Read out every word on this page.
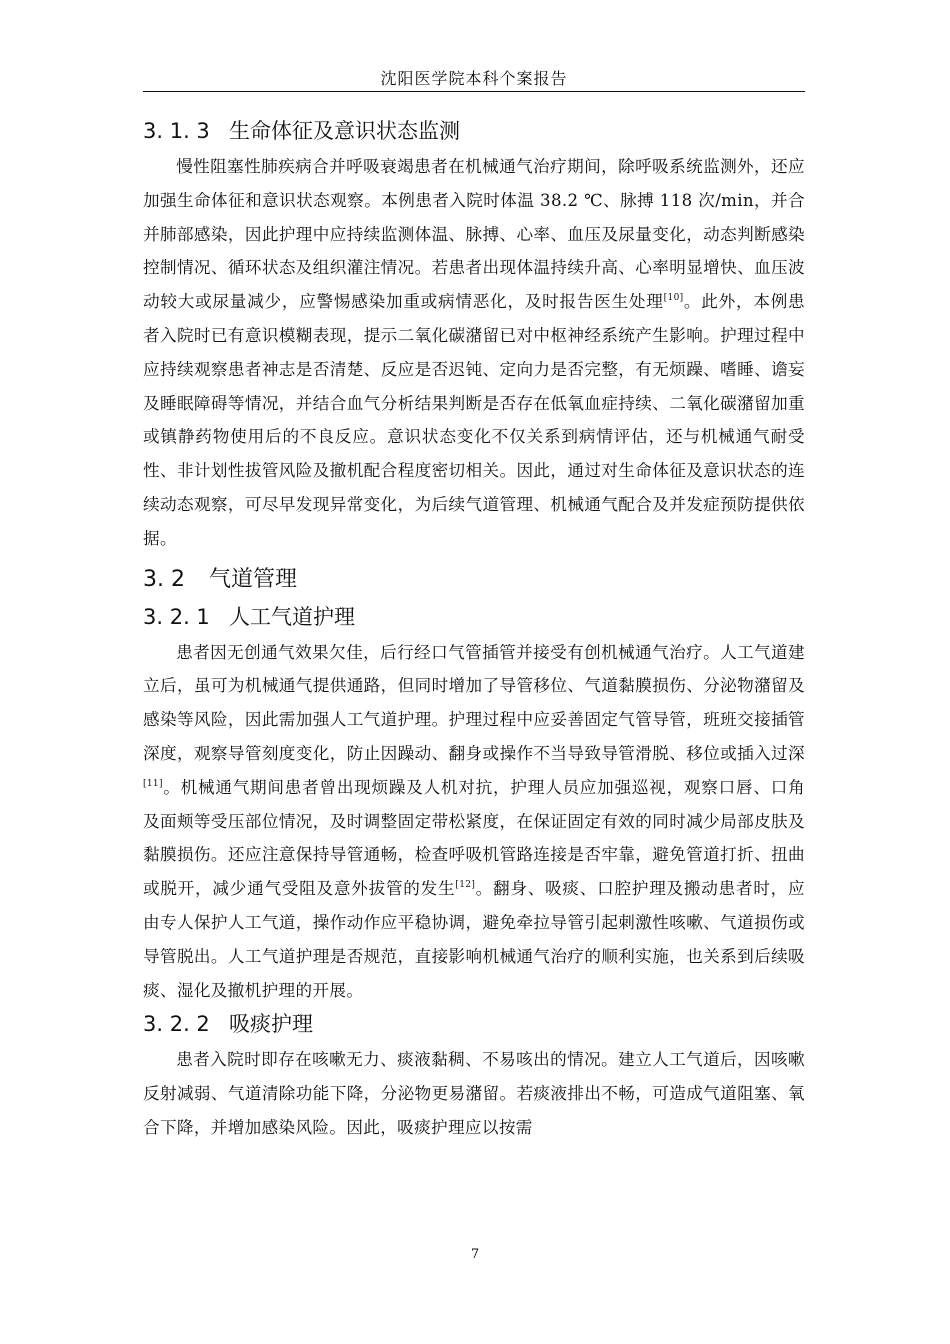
沈阳医学院本科个案报告
3. 1. 3 生命体征及意识状态监测

慢性阻塞性肺疾病合并呼吸衰竭患者在机械通气治疗期间，除呼吸系统监测外，还应加强生命体征和意识状态观察。本例患者入院时体温 38.2 ℃、脉搏 118 次/min，并合并肺部感染，因此护理中应持续监测体温、脉搏、心率、血压及尿量变化，动态判断感染控制情况、循环状态及组织灌注情况。若患者出现体温持续升高、心率明显增快、血压波动较大或尿量减少，应警惕感染加重或病情恶化，及时报告医生处理[10]。此外，本例患者入院时已有意识模糊表现，提示二氧化碳潴留已对中枢神经系统产生影响。护理过程中应持续观察患者神志是否清楚、反应是否迟钝、定向力是否完整，有无烦躁、嗜睡、谵妄及睡眠障碍等情况，并结合血气分析结果判断是否存在低氧血症持续、二氧化碳潴留加重或镇静药物使用后的不良反应。意识状态变化不仅关系到病情评估，还与机械通气耐受性、非计划性拔管风险及撤机配合程度密切相关。因此，通过对生命体征及意识状态的连续动态观察，可尽早发现异常变化，为后续气道管理、机械通气配合及并发症预防提供依据。

3. 2 气道管理
3. 2. 1 人工气道护理

患者因无创通气效果欠佳，后行经口气管插管并接受有创机械通气治疗。人工气道建立后，虽可为机械通气提供通路，但同时增加了导管移位、气道黏膜损伤、分泌物潴留及感染等风险，因此需加强人工气道护理。护理过程中应妥善固定气管导管，班班交接插管深度，观察导管刻度变化，防止因躁动、翻身或操作不当导致导管滑脱、移位或插入过深[11]。机械通气期间患者曾出现烦躁及人机对抗，护理人员应加强巡视，观察口唇、口角及面颊等受压部位情况，及时调整固定带松紧度，在保证固定有效的同时减少局部皮肤及黏膜损伤。还应注意保持导管通畅，检查呼吸机管路连接是否牢靠，避免管道打折、扭曲或脱开，减少通气受阻及意外拔管的发生[12]。翻身、吸痰、口腔护理及搬动患者时，应由专人保护人工气道，操作动作应平稳协调，避免牵拉导管引起刺激性咳嗽、气道损伤或导管脱出。人工气道护理是否规范，直接影响机械通气治疗的顺利实施，也关系到后续吸痰、湿化及撤机护理的开展。

3. 2. 2 吸痰护理

患者入院时即存在咳嗽无力、痰液黏稠、不易咳出的情况。建立人工气道后，因咳嗽反射减弱、气道清除功能下降，分泌物更易潴留。若痰液排出不畅，可造成气道阻塞、氧合下降，并增加感染风险。因此，吸痰护理应以按需

7
